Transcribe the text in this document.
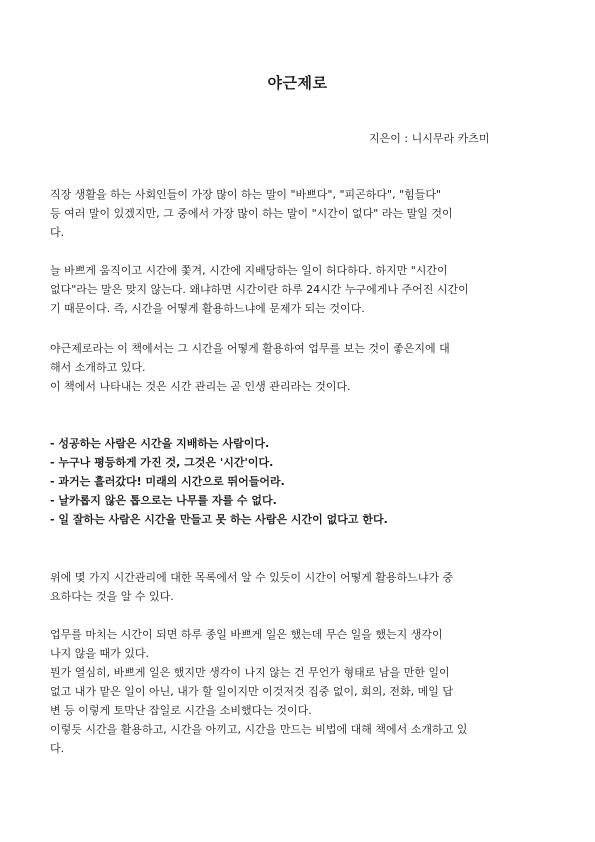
야근제로
지은이 : 니시무라 카츠미

직장 생활을 하는 사회인들이 가장 많이 하는 말이 "바쁘다", "피곤하다", "힘들다"
등 여러 말이 있겠지만, 그 중에서 가장 많이 하는 말이 "시간이 없다" 라는 말일 것이
다.

늘 바쁘게 움직이고 시간에 쫓겨, 시간에 지배당하는 일이 허다하다. 하지만 "시간이
없다"라는 말은 맞지 않는다. 왜냐하면 시간이란 하루 24시간 누구에게나 주어진 시간이
기 때문이다. 즉, 시간을 어떻게 활용하느냐에 문제가 되는 것이다.

야근제로라는 이 책에서는 그 시간을 어떻게 활용하여 업무를 보는 것이 좋은지에 대
해서 소개하고 있다.
이 책에서 나타내는 것은 시간 관리는 곧 인생 관리라는 것이다.

- 성공하는 사람은 시간을 지배하는 사람이다.
- 누구나 평등하게 가진 것, 그것은 '시간'이다.
- 과거는 흘러갔다! 미래의 시간으로 뛰어들어라.
- 날카롭지 않은 톱으로는 나무를 자를 수 없다.
- 일 잘하는 사람은 시간을 만들고 못 하는 사람은 시간이 없다고 한다.

위에 몇 가지 시간관리에 대한 목록에서 알 수 있듯이 시간이 어떻게 활용하느냐가 중
요하다는 것을 알 수 있다.

업무를 마치는 시간이 되면 하루 종일 바쁘게 일은 했는데 무슨 일을 했는지 생각이
나지 않을 때가 있다.
뭔가 열심히, 바쁘게 일은 했지만 생각이 나지 않는 건 무언가 형태로 남을 만한 일이
없고 내가 맡은 일이 아닌, 내가 할 일이지만 이것저것 집중 없이, 회의, 전화, 메일 답
변 등 이렇게 토막난 잡일로 시간을 소비했다는 것이다.
이렇듯 시간을 활용하고, 시간을 아끼고, 시간을 만드는 비법에 대해 책에서 소개하고 있
다.
